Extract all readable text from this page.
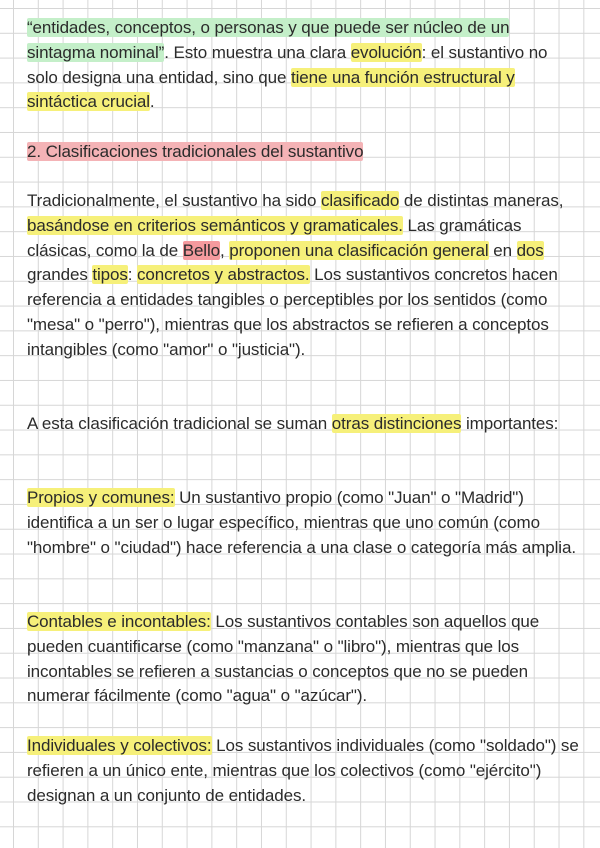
“entidades, conceptos, o personas y que puede ser núcleo de un sintagma nominal”. Esto muestra una clara evolución: el sustantivo no solo designa una entidad, sino que tiene una función estructural y sintáctica crucial.

2. Clasificaciones tradicionales del sustantivo

Tradicionalmente, el sustantivo ha sido clasificado de distintas maneras, basándose en criterios semánticos y gramaticales. Las gramáticas clásicas, como la de Bello, proponen una clasificación general en dos grandes tipos: concretos y abstractos. Los sustantivos concretos hacen referencia a entidades tangibles o perceptibles por los sentidos (como "mesa" o "perro"), mientras que los abstractos se refieren a conceptos intangibles (como "amor" o "justicia").

A esta clasificación tradicional se suman otras distinciones importantes:

Propios y comunes: Un sustantivo propio (como "Juan" o "Madrid") identifica a un ser o lugar específico, mientras que uno común (como "hombre" o "ciudad") hace referencia a una clase o categoría más amplia.

Contables e incontables: Los sustantivos contables son aquellos que pueden cuantificarse (como "manzana" o "libro"), mientras que los incontables se refieren a sustancias o conceptos que no se pueden numerar fácilmente (como "agua" o "azúcar").

Individuales y colectivos: Los sustantivos individuales (como "soldado") se refieren a un único ente, mientras que los colectivos (como "ejército") designan a un conjunto de entidades.
